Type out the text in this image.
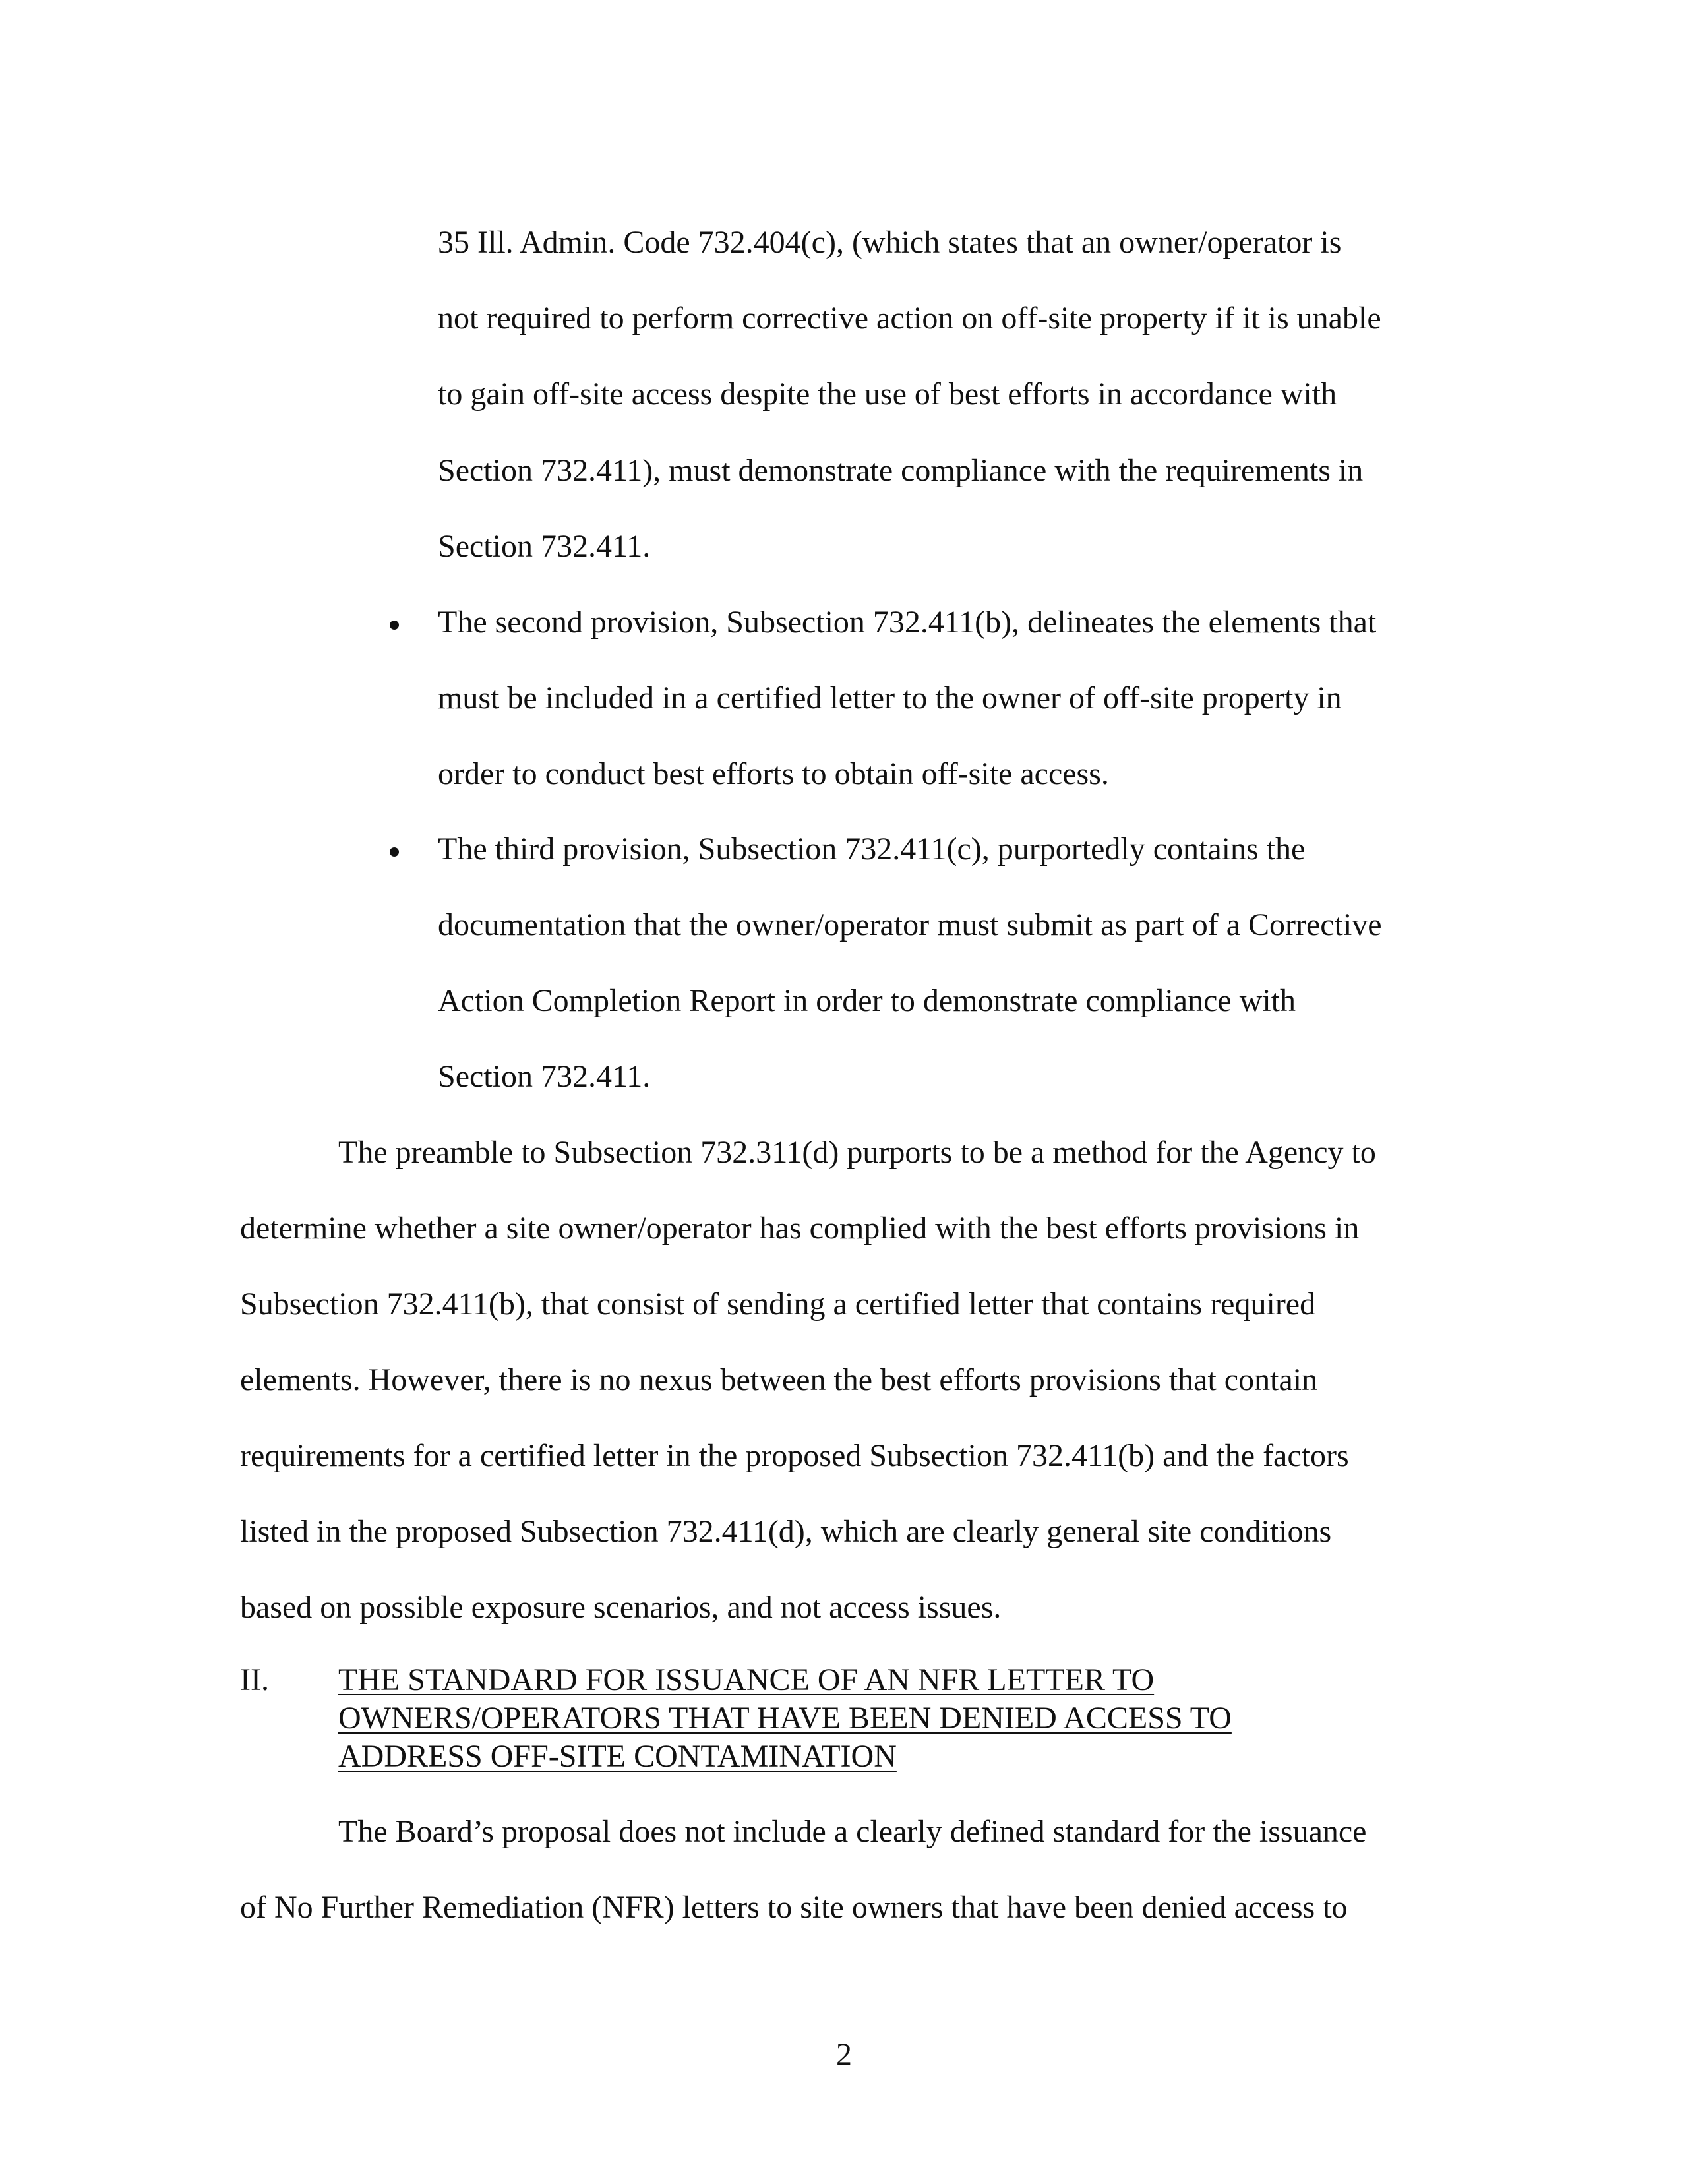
35 Ill. Admin. Code 732.404(c), (which states that an owner/operator is
not required to perform corrective action on off-site property if it is unable
to gain off-site access despite the use of best efforts in accordance with
Section 732.411), must demonstrate compliance with the requirements in
Section 732.411.
The second provision, Subsection 732.411(b), delineates the elements that
must be included in a certified letter to the owner of off-site property in
order to conduct best efforts to obtain off-site access.
The third provision, Subsection 732.411(c), purportedly contains the
documentation that the owner/operator must submit as part of a Corrective
Action Completion Report in order to demonstrate compliance with
Section 732.411.
The preamble to Subsection 732.311(d) purports to be a method for the Agency to
determine whether a site owner/operator has complied with the best efforts provisions in
Subsection 732.411(b), that consist of sending a certified letter that contains required
elements. However, there is no nexus between the best efforts provisions that contain
requirements for a certified letter in the proposed Subsection 732.411(b) and the factors
listed in the proposed Subsection 732.411(d), which are clearly general site conditions
based on possible exposure scenarios, and not access issues.
II. THE STANDARD FOR ISSUANCE OF AN NFR LETTER TO
OWNERS/OPERATORS THAT HAVE BEEN DENIED ACCESS TO
ADDRESS OFF-SITE CONTAMINATION
The Board’s proposal does not include a clearly defined standard for the issuance
of No Further Remediation (NFR) letters to site owners that have been denied access to
2
